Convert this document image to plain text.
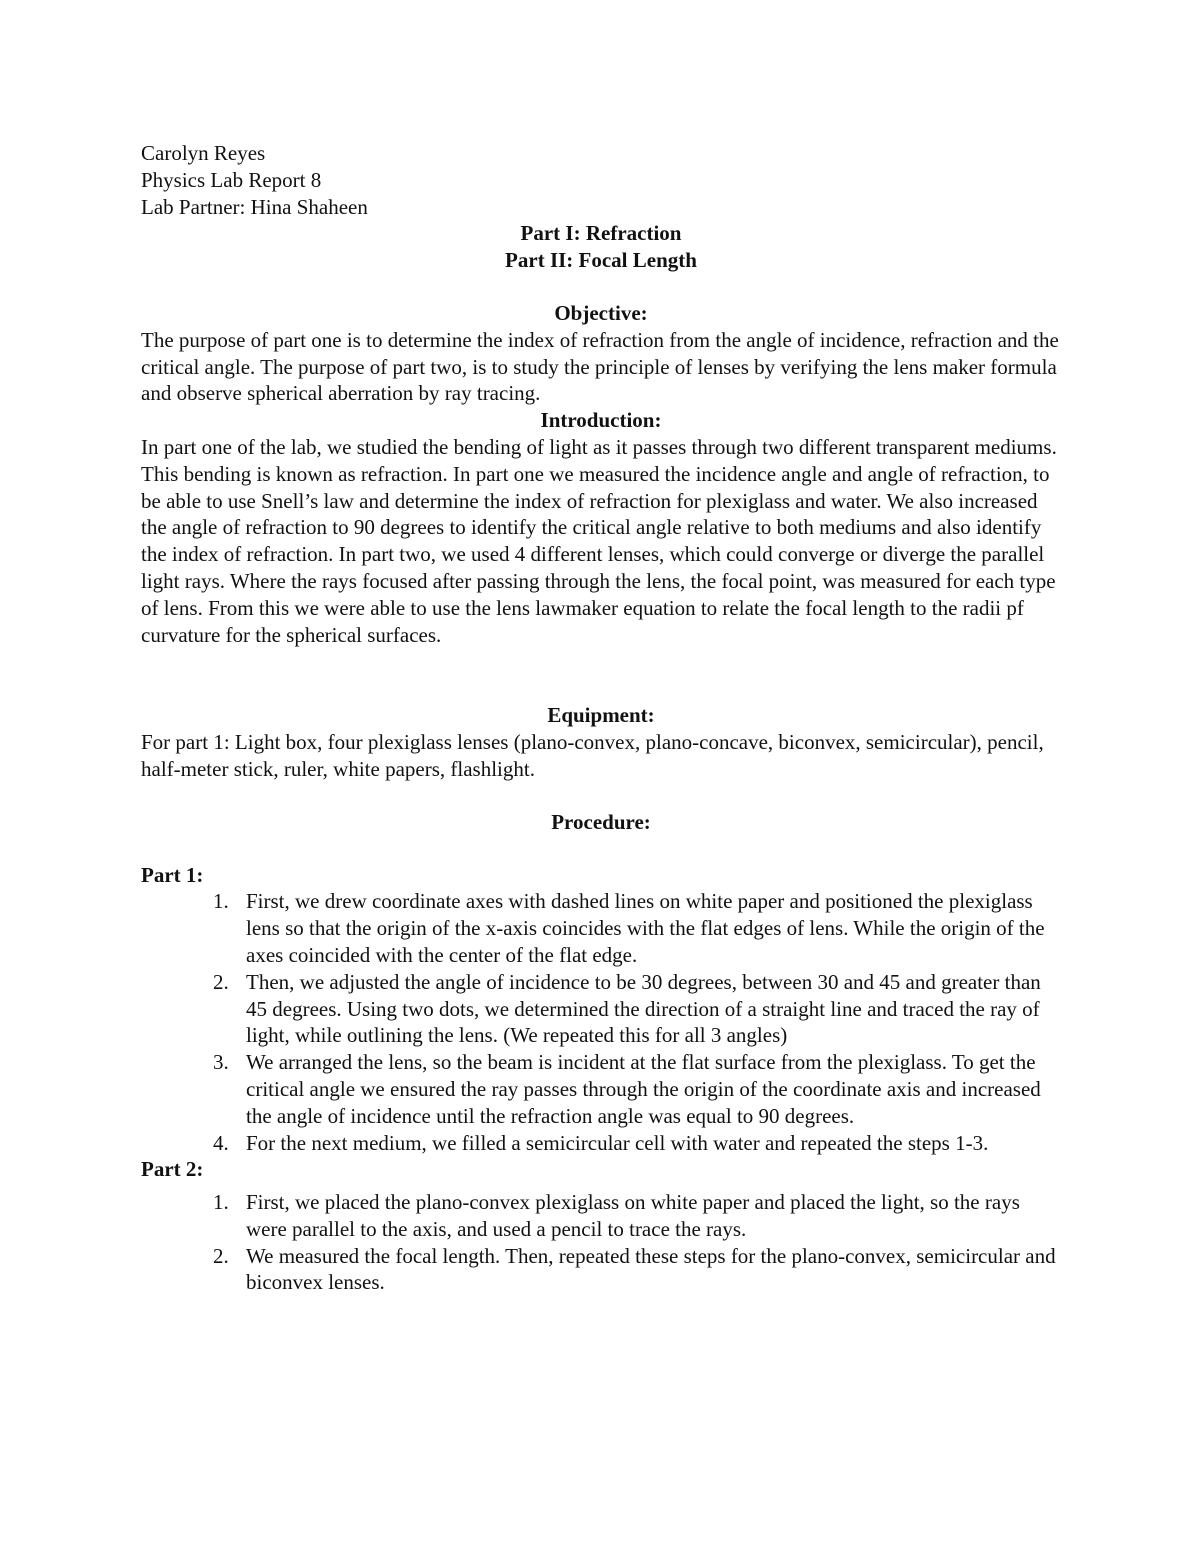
Carolyn Reyes
Physics Lab Report 8
Lab Partner: Hina Shaheen
Part I: Refraction
Part II: Focal Length
Objective:

The purpose of part one is to determine the index of refraction from the angle of incidence, refraction and the critical angle. The purpose of part two, is to study the principle of lenses by verifying the lens maker formula and observe spherical aberration by ray tracing.

Introduction:

In part one of the lab, we studied the bending of light as it passes through two different transparent mediums. This bending is known as refraction. In part one we measured the incidence angle and angle of refraction, to be able to use Snell’s law and determine the index of refraction for plexiglass and water. We also increased the angle of refraction to 90 degrees to identify the critical angle relative to both mediums and also identify the index of refraction. In part two, we used 4 different lenses, which could converge or diverge the parallel light rays. Where the rays focused after passing through the lens, the focal point, was measured for each type of lens. From this we were able to use the lens lawmaker equation to relate the focal length to the radii pf curvature for the spherical surfaces.

Equipment:

For part 1: Light box, four plexiglass lenses (plano-convex, plano-concave, biconvex, semicircular), pencil, half-meter stick, ruler, white papers, flashlight.

Procedure:
Part 1:
1. First, we drew coordinate axes with dashed lines on white paper and positioned the plexiglass lens so that the origin of the x-axis coincides with the flat edges of lens. While the origin of the axes coincided with the center of the flat edge.
2. Then, we adjusted the angle of incidence to be 30 degrees, between 30 and 45 and greater than 45 degrees. Using two dots, we determined the direction of a straight line and traced the ray of light, while outlining the lens. (We repeated this for all 3 angles)
3. We arranged the lens, so the beam is incident at the flat surface from the plexiglass. To get the critical angle we ensured the ray passes through the origin of the coordinate axis and increased the angle of incidence until the refraction angle was equal to 90 degrees.
4. For the next medium, we filled a semicircular cell with water and repeated the steps 1-3.
Part 2:
1. First, we placed the plano-convex plexiglass on white paper and placed the light, so the rays were parallel to the axis, and used a pencil to trace the rays.
2. We measured the focal length. Then, repeated these steps for the plano-convex, semicircular and biconvex lenses.
